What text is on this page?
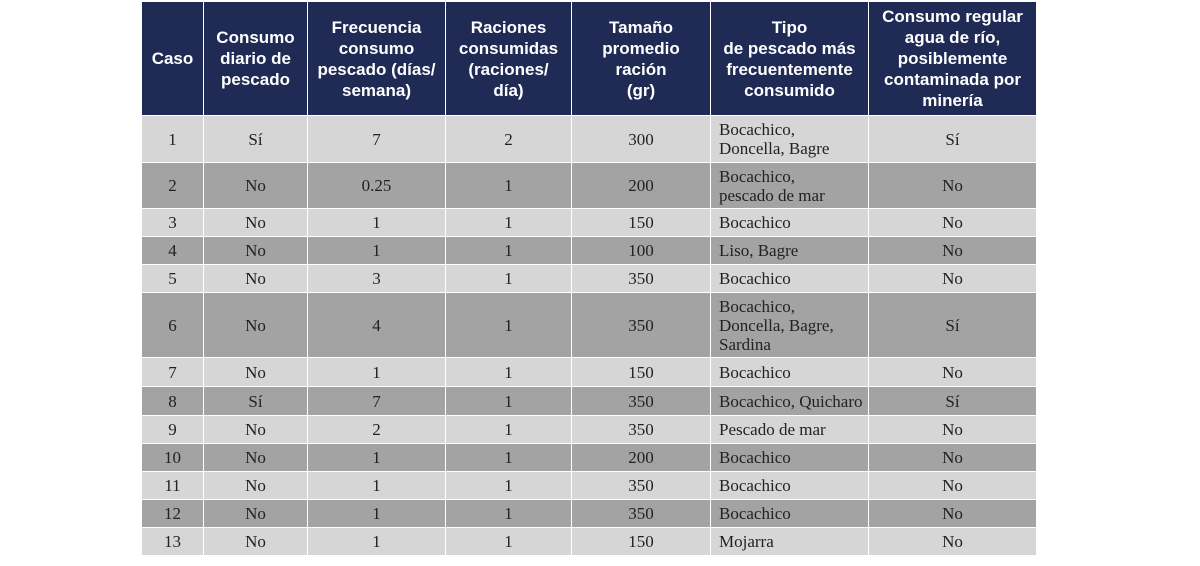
Caso	Consumo
diario de
pescado	Frecuencia
consumo
pescado (días/
semana)	Raciones
consumidas
(raciones/
día)	Tamaño
promedio
ración
(gr)	Tipo
de pescado más
frecuentemente
consumido	Consumo regular
agua de río,
posiblemente
contaminada por
minería

1	Sí	7	2	300	Bocachico,
Doncella, Bagre	Sí
2	No	0.25	1	200	Bocachico,
pescado de mar	No
3	No	1	1	150	Bocachico	No
4	No	1	1	100	Liso, Bagre	No
5	No	3	1	350	Bocachico	No
6	No	4	1	350	Bocachico,
Doncella, Bagre,
Sardina	Sí
7	No	1	1	150	Bocachico	No
8	Sí	7	1	350	Bocachico, Quicharo	Sí
9	No	2	1	350	Pescado de mar	No
10	No	1	1	200	Bocachico	No
11	No	1	1	350	Bocachico	No
12	No	1	1	350	Bocachico	No
13	No	1	1	150	Mojarra	No
